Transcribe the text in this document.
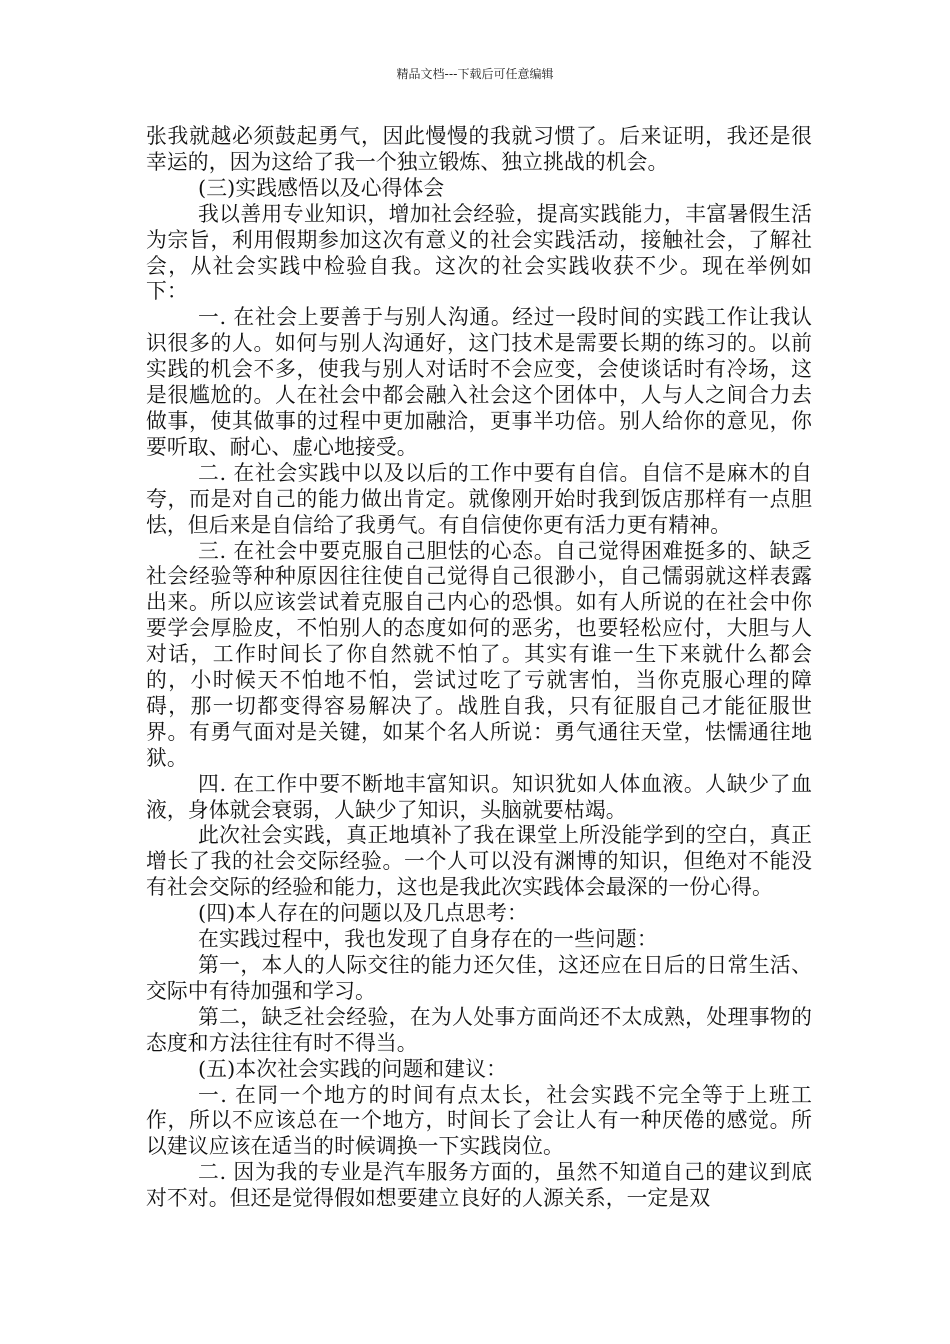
精品文档---下载后可任意编辑

张我就越必须鼓起勇气，因此慢慢的我就习惯了。后来证明，我还是很幸运的，因为这给了我一个独立锻炼、独立挑战的机会。

(三)实践感悟以及心得体会

我以善用专业知识，增加社会经验，提高实践能力，丰富暑假生活为宗旨，利用假期参加这次有意义的社会实践活动，接触社会，了解社会，从社会实践中检验自我。这次的社会实践收获不少。现在举例如下：

一. 在社会上要善于与别人沟通。经过一段时间的实践工作让我认识很多的人。如何与别人沟通好，这门技术是需要长期的练习的。以前实践的机会不多，使我与别人对话时不会应变，会使谈话时有冷场，这是很尴尬的。人在社会中都会融入社会这个团体中，人与人之间合力去做事，使其做事的过程中更加融洽，更事半功倍。别人给你的意见，你要听取、耐心、虚心地接受。

二. 在社会实践中以及以后的工作中要有自信。自信不是麻木的自夸，而是对自己的能力做出肯定。就像刚开始时我到饭店那样有一点胆怯，但后来是自信给了我勇气。有自信使你更有活力更有精神。

三. 在社会中要克服自己胆怯的心态。自己觉得困难挺多的、缺乏社会经验等种种原因往往使自己觉得自己很渺小，自己懦弱就这样表露出来。所以应该尝试着克服自己内心的恐惧。如有人所说的在社会中你要学会厚脸皮，不怕别人的态度如何的恶劣，也要轻松应付，大胆与人对话，工作时间长了你自然就不怕了。其实有谁一生下来就什么都会的，小时候天不怕地不怕，尝试过吃了亏就害怕，当你克服心理的障碍，那一切都变得容易解决了。战胜自我，只有征服自己才能征服世界。有勇气面对是关键，如某个名人所说：勇气通往天堂，怯懦通往地狱。

四. 在工作中要不断地丰富知识。知识犹如人体血液。人缺少了血液，身体就会衰弱，人缺少了知识，头脑就要枯竭。

此次社会实践，真正地填补了我在课堂上所没能学到的空白，真正增长了我的社会交际经验。一个人可以没有渊博的知识，但绝对不能没有社会交际的经验和能力，这也是我此次实践体会最深的一份心得。

(四)本人存在的问题以及几点思考：

在实践过程中，我也发现了自身存在的一些问题：

第一，本人的人际交往的能力还欠佳，这还应在日后的日常生活、交际中有待加强和学习。

第二，缺乏社会经验，在为人处事方面尚还不太成熟，处理事物的态度和方法往往有时不得当。

(五)本次社会实践的问题和建议：

一. 在同一个地方的时间有点太长，社会实践不完全等于上班工作，所以不应该总在一个地方，时间长了会让人有一种厌倦的感觉。所以建议应该在适当的时候调换一下实践岗位。

二. 因为我的专业是汽车服务方面的，虽然不知道自己的建议到底对不对。但还是觉得假如想要建立良好的人源关系，一定是双
